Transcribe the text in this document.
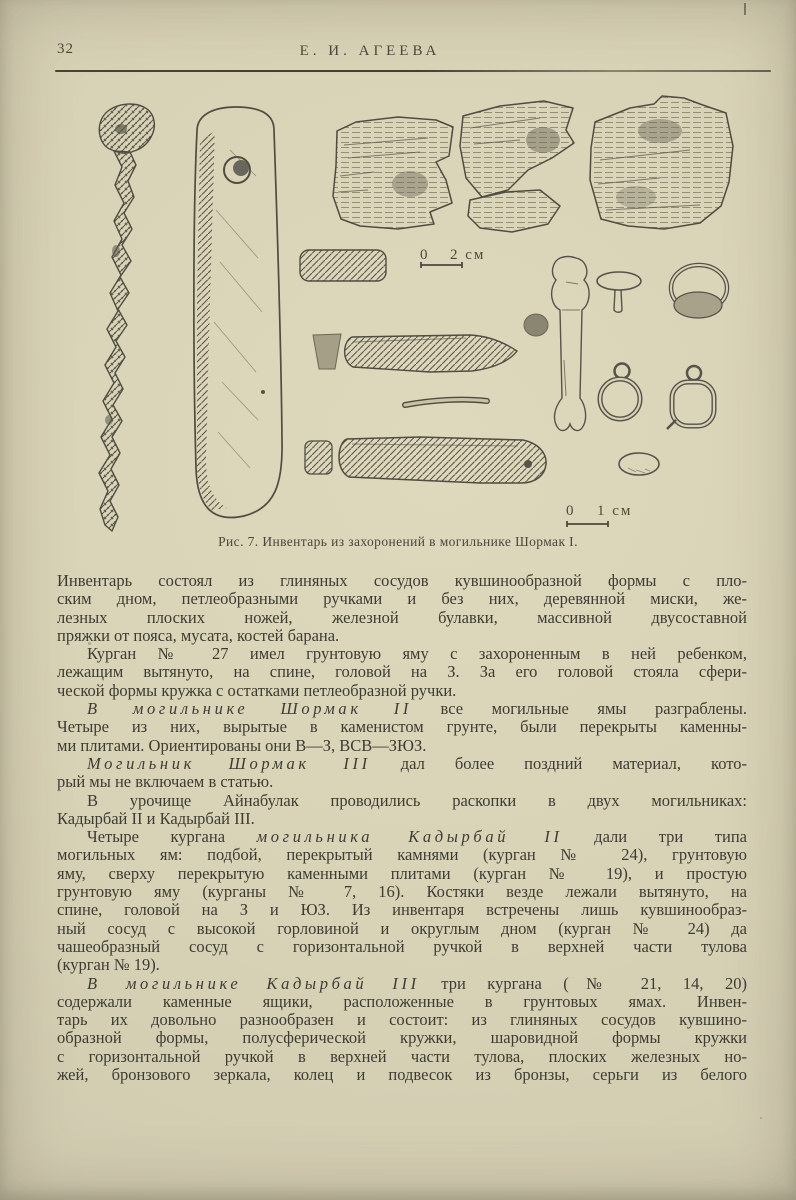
32	Е. И. АГЕЕВА
0 2 см
0 1 см
Рис. 7. Инвентарь из захоронений в могильнике Шормак I.
Инвентарь состоял из глиняных сосудов кувшинообразной формы с пло-
ским дном, петлеобразными ручками и без них, деревянной миски, же-
лезных плоских ножей, железной булавки, массивной двусоставной
пряжки от пояса, мусата, костей барана.
Курган № 27 имел грунтовую яму с захороненным в ней ребенком,
лежащим вытянуто, на спине, головой на З. За его головой стояла сфери-
ческой формы кружка с остатками петлеобразной ручки.
В могильнике Шормак II все могильные ямы разграблены.
Четыре из них, вырытые в каменистом грунте, были перекрыты каменны-
ми плитами. Ориентированы они В—З, ВСВ—ЗЮЗ.
Могильник Шормак III дал более поздний материал, кото-
рый мы не включаем в статью.
В урочище Айнабулак проводились раскопки в двух могильниках:
Кадырбай II и Кадырбай III.
Четыре кургана могильника Кадырбай II дали три типа
могильных ям: подбой, перекрытый камнями (курган № 24), грунтовую
яму, сверху перекрытую каменными плитами (курган № 19), и простую
грунтовую яму (курганы № 7, 16). Костяки везде лежали вытянуто, на
спине, головой на З и ЮЗ. Из инвентаря встречены лишь кувшинообраз-
ный сосуд с высокой горловиной и округлым дном (курган № 24) да
чашеобразный сосуд с горизонтальной ручкой в верхней части тулова
(курган № 19).
В могильнике Кадырбай III три кургана (№ 21, 14, 20)
содержали каменные ящики, расположенные в грунтовых ямах. Инвен-
тарь их довольно разнообразен и состоит: из глиняных сосудов кувшино-
образной формы, полусферической кружки, шаровидной формы кружки
с горизонтальной ручкой в верхней части тулова, плоских железных но-
жей, бронзового зеркала, колец и подвесок из бронзы, серьги из белого
